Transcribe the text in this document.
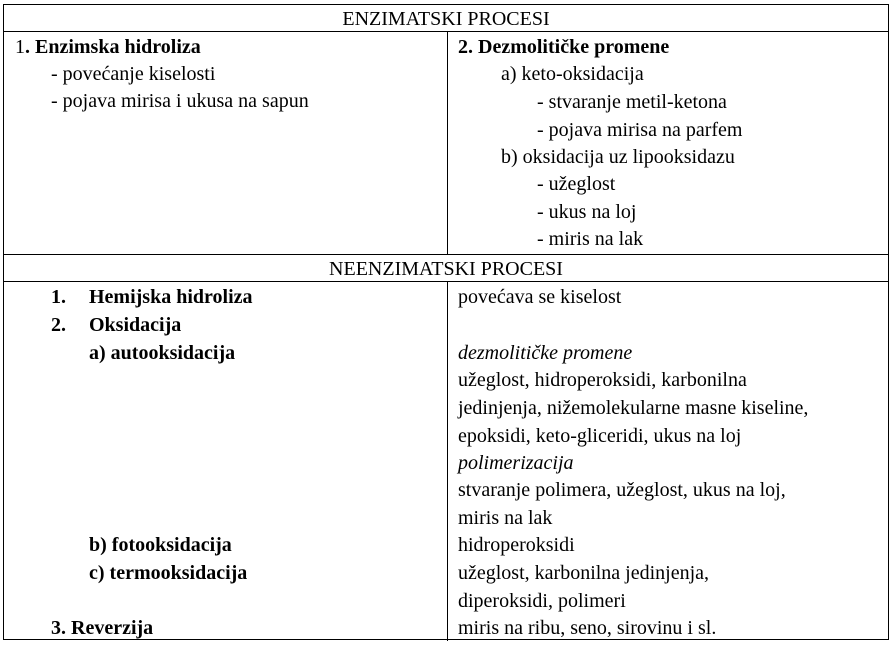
ENZIMATSKI PROCESI
1. Enzimska hidroliza
- povećanje kiselosti
- pojava mirisa i ukusa na sapun
2. Dezmolitičke promene
a) keto-oksidacija
- stvaranje metil-ketona
- pojava mirisa na parfem
b) oksidacija uz lipooksidazu
- užeglost
- ukus na loj
- miris na lak
NEENZIMATSKI PROCESI
1. Hemijska hidroliza
2. Oksidacija
a) autooksidacija
b) fotooksidacija
c) termooksidacija
3. Reverzija
povećava se kiselost
dezmolitičke promene
užeglost, hidroperoksidi, karbonilna
jedinjenja, nižemolekularne masne kiseline,
epoksidi, keto-gliceridi, ukus na loj
polimerizacija
stvaranje polimera, užeglost, ukus na loj,
miris na lak
hidroperoksidi
užeglost, karbonilna jedinjenja,
diperoksidi, polimeri
miris na ribu, seno, sirovinu i sl.
